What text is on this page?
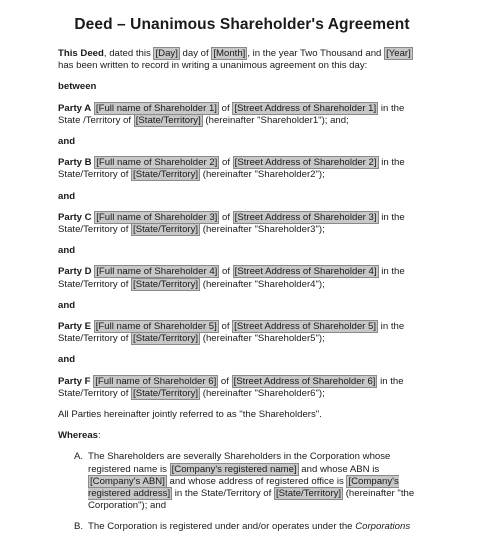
Deed – Unanimous Shareholder's Agreement
This Deed, dated this [Day] day of [Month] , in the year Two Thousand and [Year] has been written to record in writing a unanimous agreement on this day:
between
Party A [Full name of Shareholder 1] of [Street Address of Shareholder 1] in the State /Territory of [State/Territory] (hereinafter "Shareholder1"); and;
and
Party B [Full name of Shareholder 2] of [Street Address of Shareholder 2] in the State/Territory of [State/Territory] (hereinafter "Shareholder2");
and
Party C [Full name of Shareholder 3] of [Street Address of Shareholder 3] in the State/Territory of [State/Territory] (hereinafter "Shareholder3");
and
Party D [Full name of Shareholder 4] of [Street Address of Shareholder 4] in the State/Territory of [State/Territory] (hereinafter "Shareholder4");
and
Party E [Full name of Shareholder 5] of [Street Address of Shareholder 5] in the State/Territory of [State/Territory] (hereinafter "Shareholder5");
and
Party F [Full name of Shareholder 6] of [Street Address of Shareholder 6] in the State/Territory of [State/Territory] (hereinafter "Shareholder6");
All Parties hereinafter jointly referred to as "the Shareholders".
Whereas:
A. The Shareholders are severally Shareholders in the Corporation whose registered name is [Company's registered name] and whose ABN is [Company's ABN] and whose address of registered office is [Company's registered address] in the State/Territory of [State/Territory] (hereinafter "the Corporation"); and
B. The Corporation is registered under and/or operates under the Corporations
